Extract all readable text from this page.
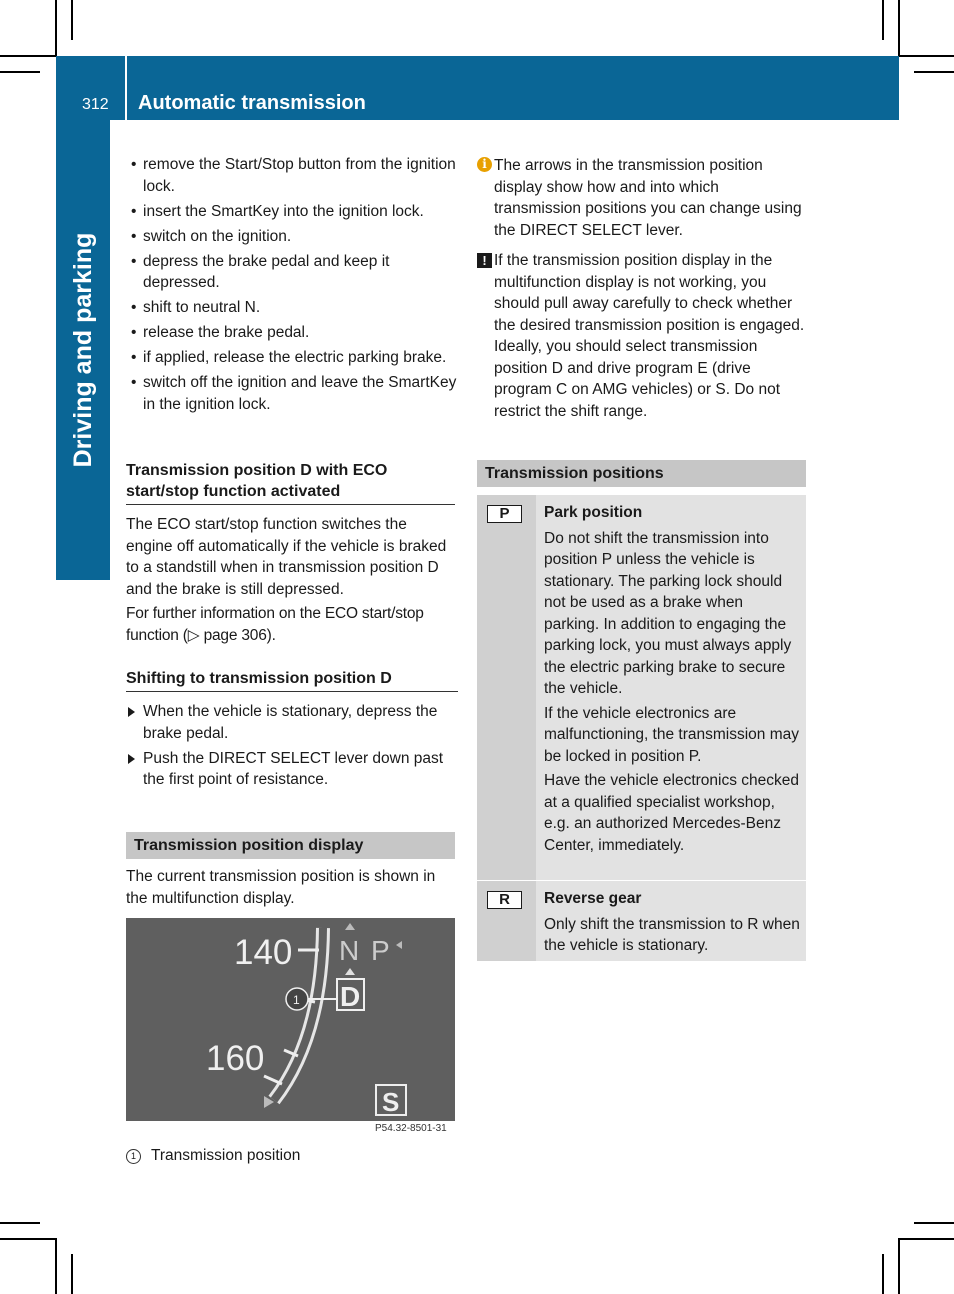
312 Automatic transmission
Driving and parking
• remove the Start/Stop button from the ignition lock.
• insert the SmartKey into the ignition lock.
• switch on the ignition.
• depress the brake pedal and keep it depressed.
• shift to neutral N.
• release the brake pedal.
• if applied, release the electric parking brake.
• switch off the ignition and leave the SmartKey in the ignition lock.
Transmission position D with ECO start/stop function activated

The ECO start/stop function switches the engine off automatically if the vehicle is braked to a standstill when in transmission position D and the brake is still depressed.

For further information on the ECO start/stop function (▷ page 306).

Shifting to transmission position D
When the vehicle is stationary, depress the brake pedal.
Push the DIRECT SELECT lever down past the first point of resistance.
Transmission position display

The current transmission position is shown in the multifunction display.

140
160
N P
D
1
S
P54.32-8501-31
1 Transmission position
i The arrows in the transmission position display show how and into which transmission positions you can change using the DIRECT SELECT lever.
! If the transmission position display in the multifunction display is not working, you should pull away carefully to check whether the desired transmission position is engaged. Ideally, you should select transmission position D and drive program E (drive program C on AMG vehicles) or S. Do not restrict the shift range.
Transmission positions
P	Park position

Do not shift the transmission into position P unless the vehicle is stationary. The parking lock should not be used as a brake when parking. In addition to engaging the parking lock, you must always apply the electric parking brake to secure the vehicle.

If the vehicle electronics are malfunctioning, the transmission may be locked in position P.

Have the vehicle electronics checked at a qualified specialist workshop, e.g. an authorized Mercedes-Benz Center, immediately.

R	Reverse gear

Only shift the transmission to R when the vehicle is stationary.
